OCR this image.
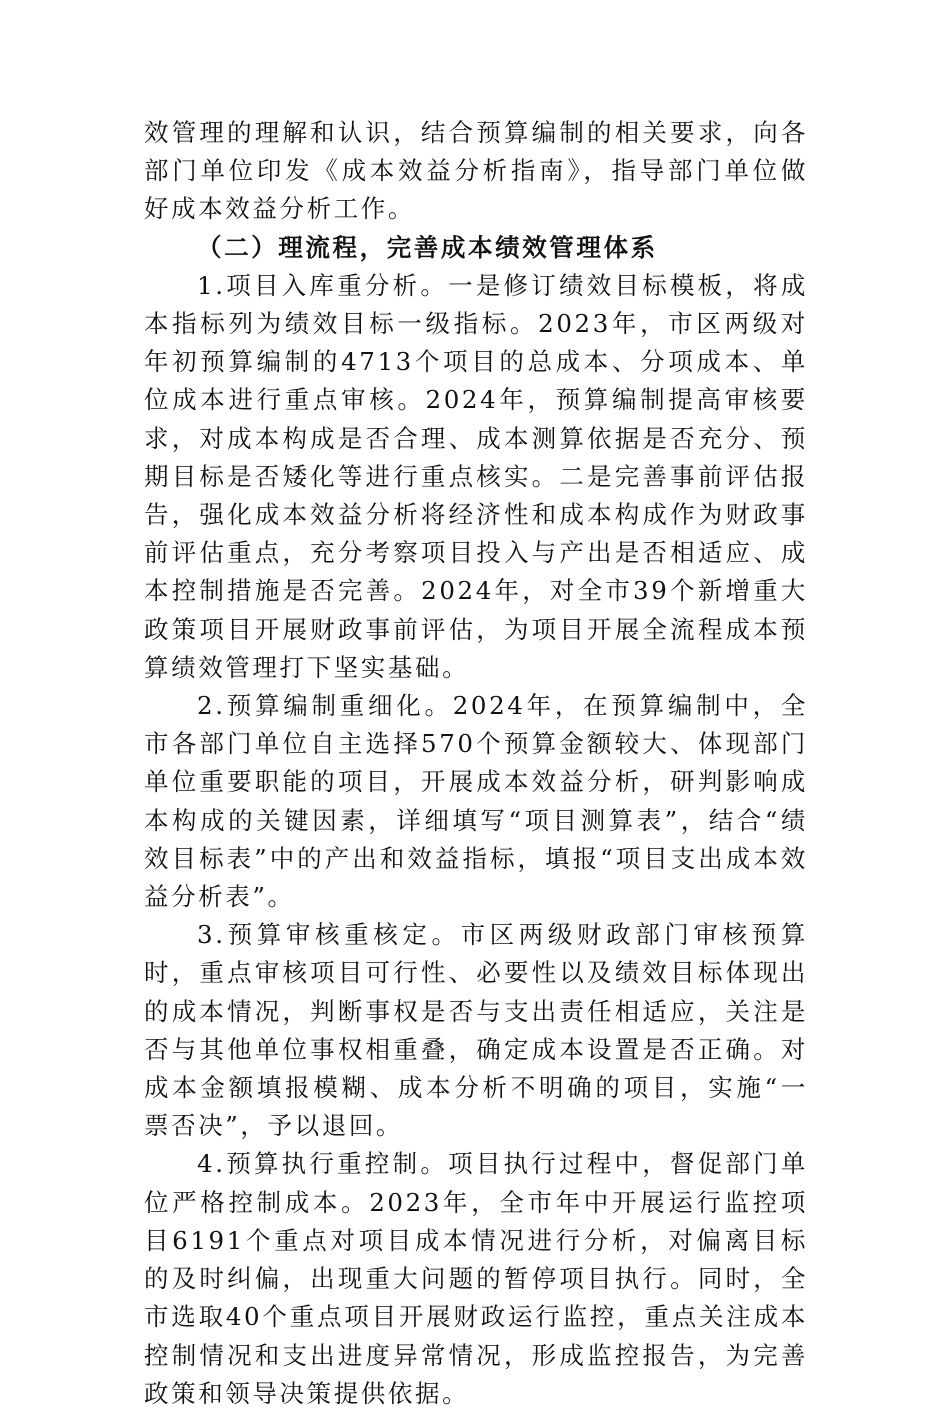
效管理的理解和认识，结合预算编制的相关要求，向各部门单位印发《成本效益分析指南》，指导部门单位做好成本效益分析工作。

（二）理流程，完善成本绩效管理体系

1.项目入库重分析。一是修订绩效目标模板，将成本指标列为绩效目标一级指标。2023年，市区两级对年初预算编制的4713个项目的总成本、分项成本、单位成本进行重点审核。2024年，预算编制提高审核要求，对成本构成是否合理、成本测算依据是否充分、预期目标是否矮化等进行重点核实。二是完善事前评估报告，强化成本效益分析将经济性和成本构成作为财政事前评估重点，充分考察项目投入与产出是否相适应、成本控制措施是否完善。2024年，对全市39个新增重大政策项目开展财政事前评估，为项目开展全流程成本预算绩效管理打下坚实基础。

2.预算编制重细化。2024年，在预算编制中，全市各部门单位自主选择570个预算金额较大、体现部门单位重要职能的项目，开展成本效益分析，研判影响成本构成的关键因素，详细填写“项目测算表”，结合“绩效目标表”中的产出和效益指标，填报“项目支出成本效益分析表”。

3.预算审核重核定。市区两级财政部门审核预算时，重点审核项目可行性、必要性以及绩效目标体现出的成本情况，判断事权是否与支出责任相适应，关注是否与其他单位事权相重叠，确定成本设置是否正确。对成本金额填报模糊、成本分析不明确的项目，实施“一票否决”，予以退回。

4.预算执行重控制。项目执行过程中，督促部门单位严格控制成本。2023年，全市年中开展运行监控项目6191个重点对项目成本情况进行分析，对偏离目标的及时纠偏，出现重大问题的暂停项目执行。同时，全市选取40个重点项目开展财政运行监控，重点关注成本控制情况和支出进度异常情况，形成监控报告，为完善政策和领导决策提供依据。
